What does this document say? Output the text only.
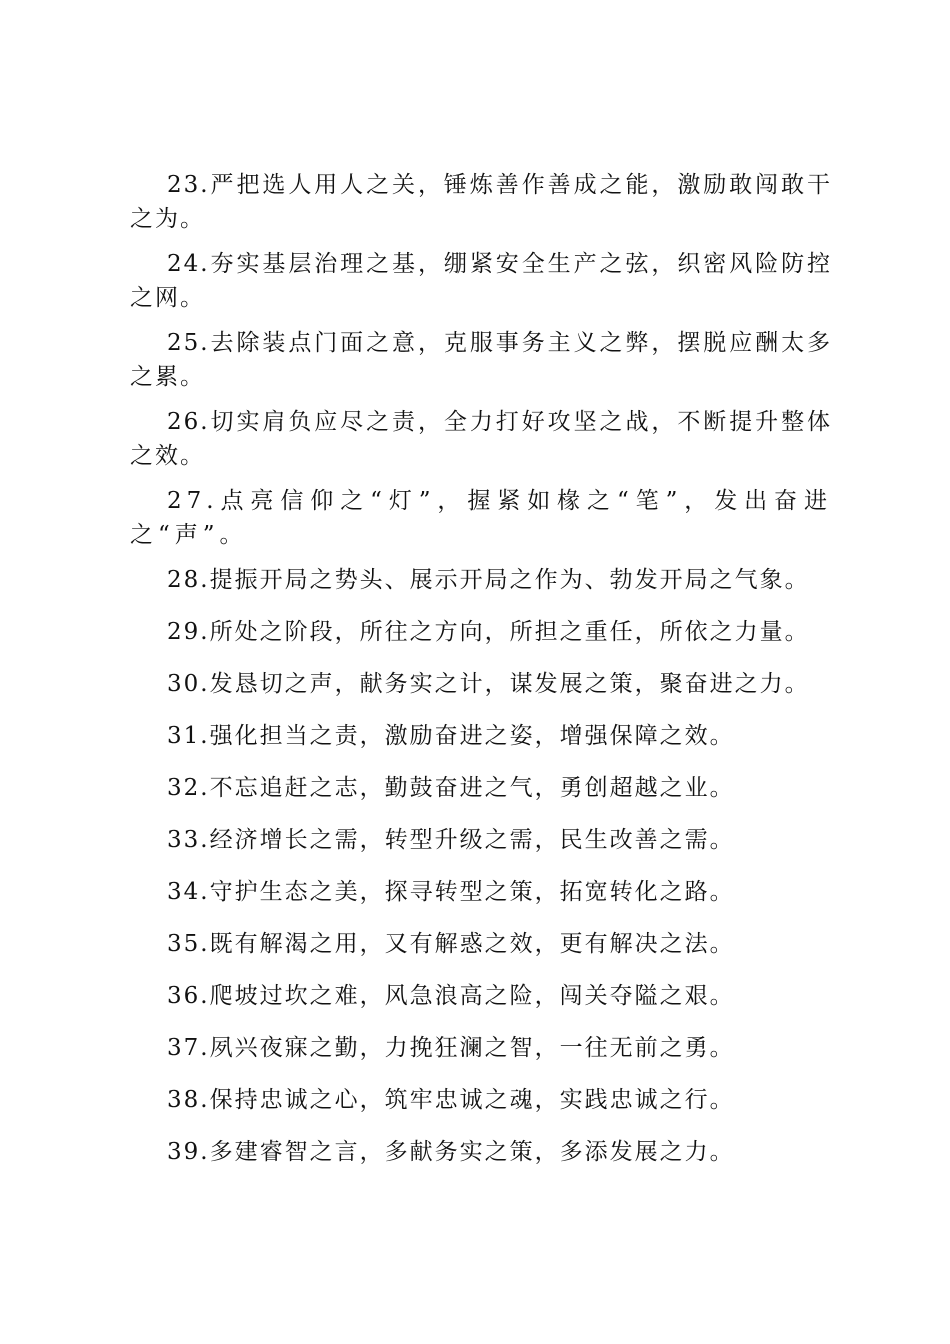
23.严把选人用人之关，锤炼善作善成之能，激励敢闯敢干之为。

24.夯实基层治理之基，绷紧安全生产之弦，织密风险防控之网。

25.去除装点门面之意，克服事务主义之弊，摆脱应酬太多之累。

26.切实肩负应尽之责，全力打好攻坚之战，不断提升整体之效。

27.点亮信仰之“灯”，握紧如椽之“笔”，发出奋进之“声”。

28.提振开局之势头、展示开局之作为、勃发开局之气象。

29.所处之阶段，所往之方向，所担之重任，所依之力量。

30.发恳切之声，献务实之计，谋发展之策，聚奋进之力。

31.强化担当之责，激励奋进之姿，增强保障之效。

32.不忘追赶之志，勤鼓奋进之气，勇创超越之业。

33.经济增长之需，转型升级之需，民生改善之需。

34.守护生态之美，探寻转型之策，拓宽转化之路。

35.既有解渴之用，又有解惑之效，更有解决之法。

36.爬坡过坎之难，风急浪高之险，闯关夺隘之艰。

37.夙兴夜寐之勤，力挽狂澜之智，一往无前之勇。

38.保持忠诚之心，筑牢忠诚之魂，实践忠诚之行。

39.多建睿智之言，多献务实之策，多添发展之力。
